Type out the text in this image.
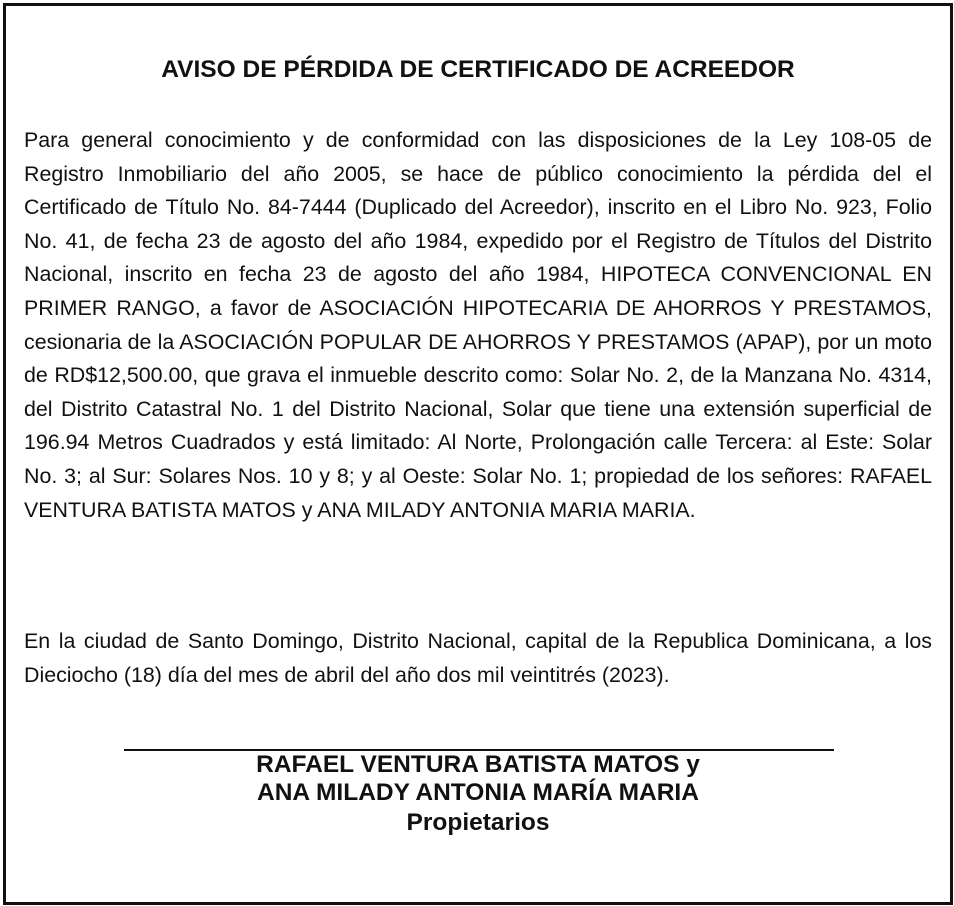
AVISO DE PÉRDIDA DE CERTIFICADO DE ACREEDOR

Para general conocimiento y de conformidad con las disposiciones de la Ley 108-05 de Registro Inmobiliario del año 2005, se hace de público conocimiento la pérdida del el Certificado de Título No. 84-7444 (Duplicado del Acreedor), inscrito en el Libro No. 923, Folio No. 41, de fecha 23 de agosto del año 1984, expedido por el Registro de Títulos del Distrito Nacional, inscrito en fecha 23 de agosto del año 1984, HIPOTECA CONVENCIONAL EN PRIMER RANGO, a favor de ASOCIACIÓN HIPOTECARIA DE AHORROS Y PRESTAMOS, cesionaria de la ASOCIACIÓN POPULAR DE AHORROS Y PRESTAMOS (APAP), por un moto de RD$12,500.00, que grava el inmueble descrito como: Solar No. 2, de la Manzana No. 4314, del Distrito Catastral No. 1 del Distrito Nacional, Solar que tiene una extensión superficial de 196.94 Metros Cuadrados y está limitado: Al Norte, Prolongación calle Tercera: al Este: Solar No. 3; al Sur: Solares Nos. 10 y 8; y al Oeste: Solar No. 1; propiedad de los señores: RAFAEL VENTURA BATISTA MATOS y ANA MILADY ANTONIA MARIA MARIA.

En la ciudad de Santo Domingo, Distrito Nacional, capital de la Republica Dominicana, a los Dieciocho (18) día del mes de abril del año dos mil veintitrés (2023).

RAFAEL VENTURA BATISTA MATOS y

ANA MILADY ANTONIA MARÍA MARIA

Propietarios
